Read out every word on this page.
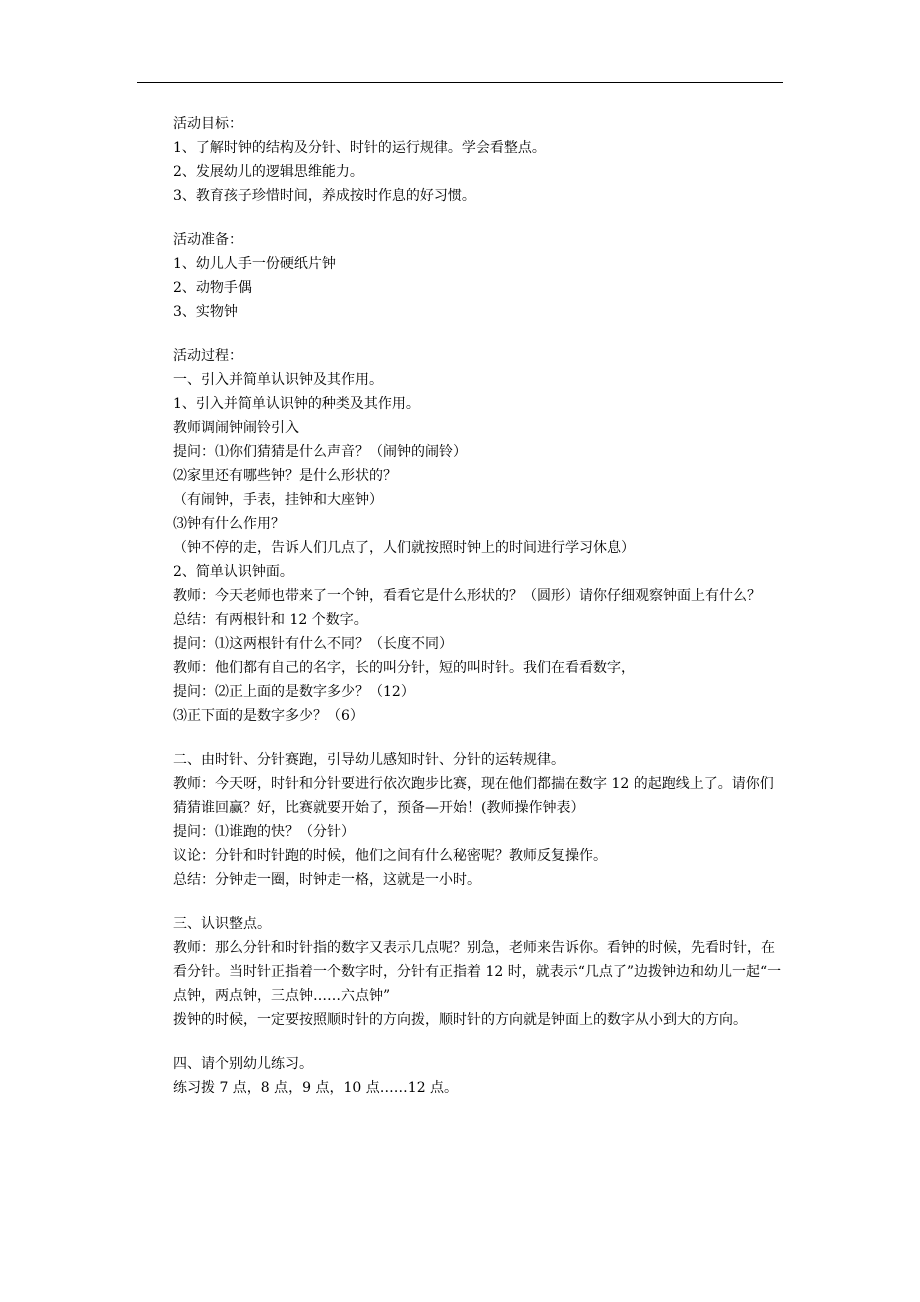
活动目标：
1、了解时钟的结构及分针、时针的运行规律。学会看整点。
2、发展幼儿的逻辑思维能力。
3、教育孩子珍惜时间，养成按时作息的好习惯。
活动准备：
1、幼儿人手一份硬纸片钟
2、动物手偶
3、实物钟
活动过程：
一、引入并简单认识钟及其作用。
1、引入并简单认识钟的种类及其作用。
教师调闹钟闹铃引入
提问：⑴你们猜猜是什么声音？（闹钟的闹铃）
⑵家里还有哪些钟？是什么形状的？
（有闹钟，手表，挂钟和大座钟）
⑶钟有什么作用？
（钟不停的走，告诉人们几点了，人们就按照时钟上的时间进行学习休息）
2、简单认识钟面。
教师：今天老师也带来了一个钟，看看它是什么形状的？（圆形）请你仔细观察钟面上有什么？
总结：有两根针和 12 个数字。
提问：⑴这两根针有什么不同？（长度不同）
教师：他们都有自己的名字，长的叫分针，短的叫时针。我们在看看数字，
提问：⑵正上面的是数字多少？（12）
⑶正下面的是数字多少？（6）
二、由时针、分针赛跑，引导幼儿感知时针、分针的运转规律。
教师：今天呀，时针和分针要进行依次跑步比赛，现在他们都揣在数字 12 的起跑线上了。请你们猜猜谁回赢？好，比赛就要开始了，预备—开始！(教师操作钟表）
提问：⑴谁跑的快？（分针）
议论：分针和时针跑的时候，他们之间有什么秘密呢？教师反复操作。
总结：分钟走一圈，时钟走一格，这就是一小时。
三、认识整点。
教师：那么分针和时针指的数字又表示几点呢？别急，老师来告诉你。看钟的时候，先看时针，在看分针。当时针正指着一个数字时，分针有正指着 12 时，就表示“几点了”边拨钟边和幼儿一起“一点钟，两点钟，三点钟……六点钟”
拨钟的时候，一定要按照顺时针的方向拨，顺时针的方向就是钟面上的数字从小到大的方向。
四、请个别幼儿练习。
练习拨 7 点，8 点，9 点，10 点……12 点。
